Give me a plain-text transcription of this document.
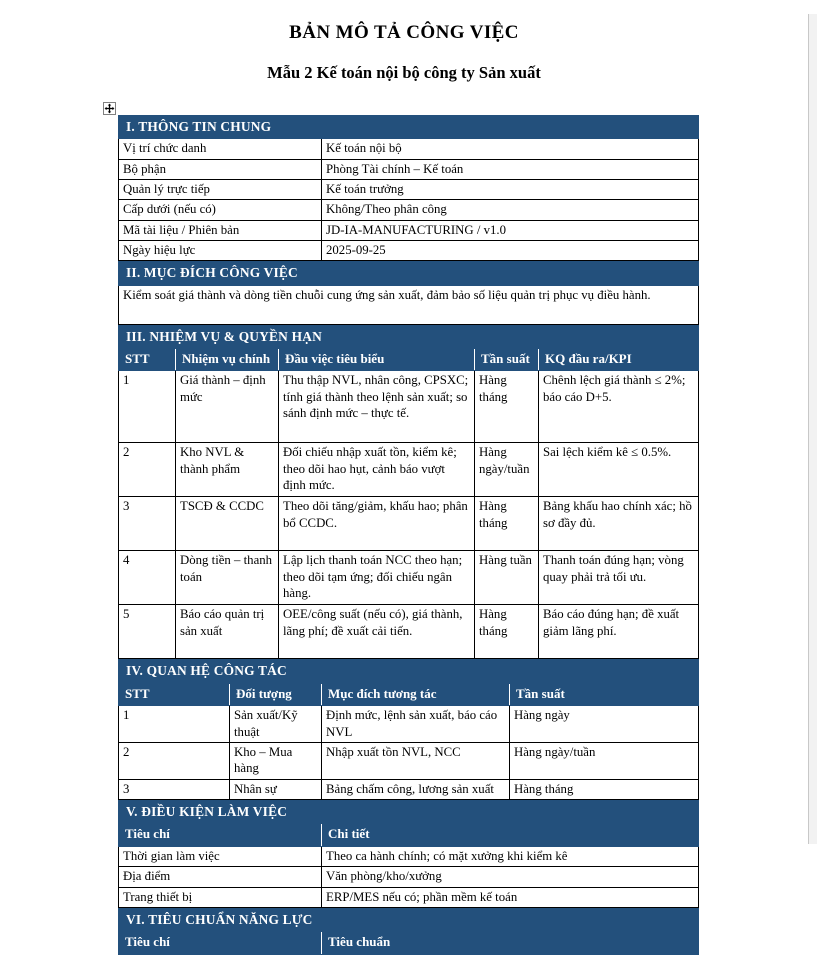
BẢN MÔ TẢ CÔNG VIỆC
Mẫu 2 Kế toán nội bộ công ty Sản xuất
I. THÔNG TIN CHUNG	
Vị trí chức danh	Kế toán nội bộ
Bộ phận	Phòng Tài chính – Kế toán
Quản lý trực tiếp	Kế toán trưởng
Cấp dưới (nếu có)	Không/Theo phân công
Mã tài liệu / Phiên bản	JD-IA-MANUFACTURING / v1.0
Ngày hiệu lực	2025-09-25
II. MỤC ĐÍCH CÔNG VIỆC
Kiểm soát giá thành và dòng tiền chuỗi cung ứng sản xuất, đảm bảo số liệu quản trị phục vụ điều hành.
III. NHIỆM VỤ & QUYỀN HẠN				
STT	Nhiệm vụ chính	Đầu việc tiêu biểu	Tần suất	KQ đầu ra/KPI
1	Giá thành – định mức	Thu thập NVL, nhân công, CPSXC; tính giá thành theo lệnh sản xuất; so sánh định mức – thực tế.	Hàng tháng	Chênh lệch giá thành ≤ 2%; báo cáo D+5.
2	Kho NVL & thành phẩm	Đối chiếu nhập xuất tồn, kiểm kê; theo dõi hao hụt, cảnh báo vượt định mức.	Hàng ngày/tuần	Sai lệch kiểm kê ≤ 0.5%.
3	TSCĐ & CCDC	Theo dõi tăng/giảm, khấu hao; phân bổ CCDC.	Hàng tháng	Bảng khấu hao chính xác; hồ sơ đầy đủ.
4	Dòng tiền – thanh toán	Lập lịch thanh toán NCC theo hạn; theo dõi tạm ứng; đối chiếu ngân hàng.	Hàng tuần	Thanh toán đúng hạn; vòng quay phải trả tối ưu.
5	Báo cáo quản trị sản xuất	OEE/công suất (nếu có), giá thành, lãng phí; đề xuất cải tiến.	Hàng tháng	Báo cáo đúng hạn; đề xuất giảm lãng phí.
IV. QUAN HỆ CÔNG TÁC			
STT	Đối tượng	Mục đích tương tác	Tần suất
1	Sản xuất/Kỹ thuật	Định mức, lệnh sản xuất, báo cáo NVL	Hàng ngày
2	Kho – Mua hàng	Nhập xuất tồn NVL, NCC	Hàng ngày/tuần
3	Nhân sự	Bảng chấm công, lương sản xuất	Hàng tháng
V. ĐIỀU KIỆN LÀM VIỆC	
Tiêu chí	Chi tiết
Thời gian làm việc	Theo ca hành chính; có mặt xưởng khi kiểm kê
Địa điểm	Văn phòng/kho/xưởng
Trang thiết bị	ERP/MES nếu có; phần mềm kế toán
VI. TIÊU CHUẨN NĂNG LỰC
Tiêu chí	Tiêu chuẩn
